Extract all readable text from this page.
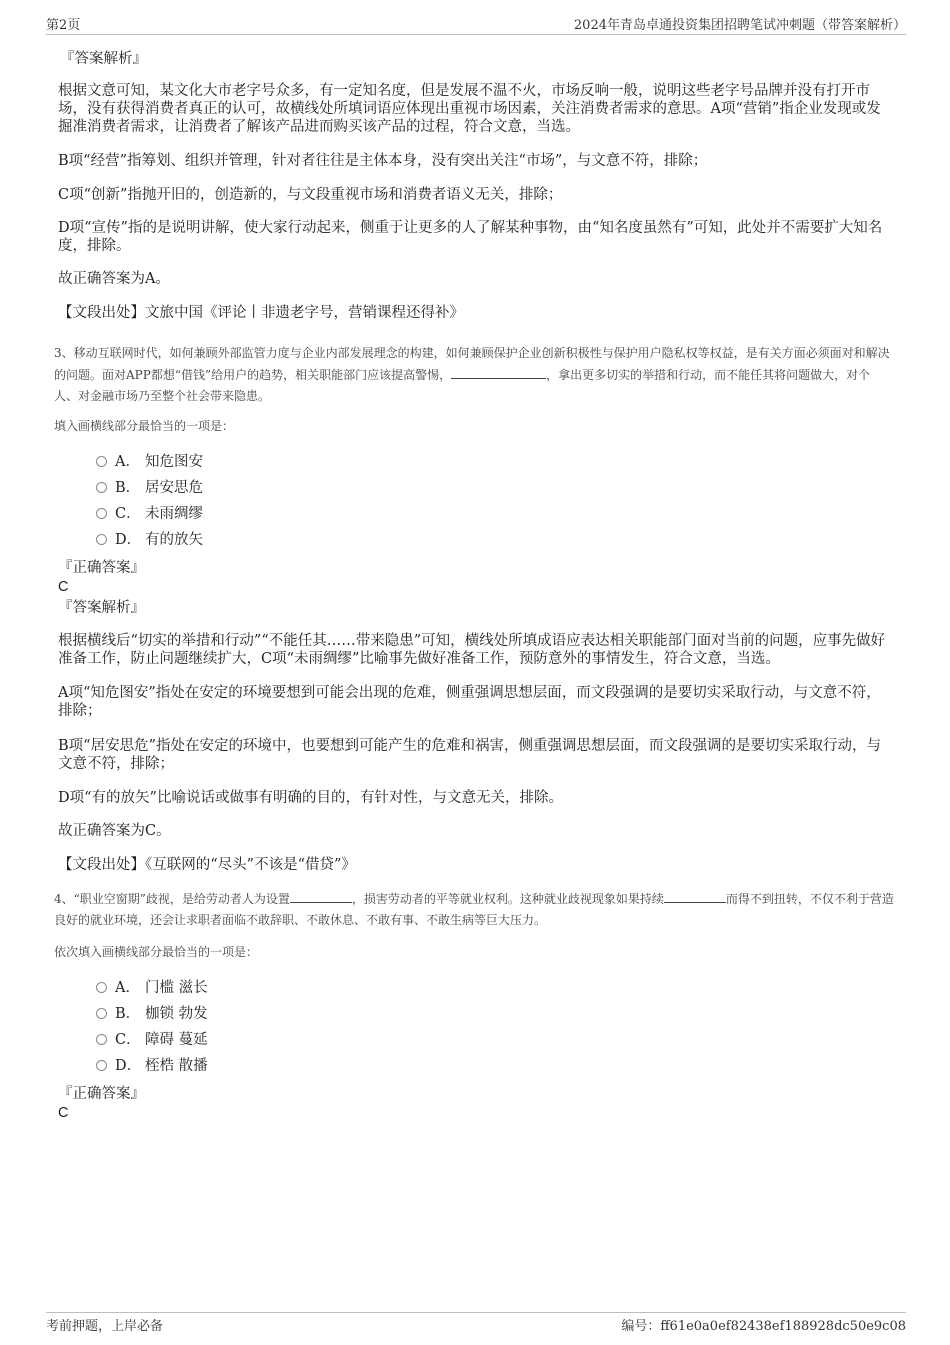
第2页	2024年青岛卓通投资集团招聘笔试冲刺题（带答案解析）

『答案解析』

根据文意可知，某文化大市老字号众多，有一定知名度，但是发展不温不火，市场反响一般，说明这些老字号品牌并没有打开市场，没有获得消费者真正的认可，故横线处所填词语应体现出重视市场因素，关注消费者需求的意思。A项“营销”指企业发现或发掘准消费者需求，让消费者了解该产品进而购买该产品的过程，符合文意，当选。

B项“经营”指筹划、组织并管理，针对者往往是主体本身，没有突出关注“市场”，与文意不符，排除；

C项“创新”指抛开旧的，创造新的，与文段重视市场和消费者语义无关，排除；

D项“宣传”指的是说明讲解，使大家行动起来，侧重于让更多的人了解某种事物，由“知名度虽然有”可知，此处并不需要扩大知名度，排除。

故正确答案为A。

【文段出处】文旅中国《评论丨非遗老字号，营销课程还得补》

3、移动互联网时代，如何兼顾外部监管力度与企业内部发展理念的构建，如何兼顾保护企业创新积极性与保护用户隐私权等权益，是有关方面必须面对和解决的问题。面对APP都想“借钱”给用户的趋势，相关职能部门应该提高警惕，	，拿出更多切实的举措和行动，而不能任其将问题做大，对个人、对金融市场乃至整个社会带来隐患。

填入画横线部分最恰当的一项是：

A． 知危图安
B． 居安思危
C． 未雨绸缪
D． 有的放矢

『正确答案』

C

『答案解析』

根据横线后“切实的举措和行动”“不能任其……带来隐患”可知，横线处所填成语应表达相关职能部门面对当前的问题，应事先做好准备工作，防止问题继续扩大，C项“未雨绸缪”比喻事先做好准备工作，预防意外的事情发生，符合文意，当选。

A项“知危图安”指处在安定的环境要想到可能会出现的危难，侧重强调思想层面，而文段强调的是要切实采取行动，与文意不符，排除；

B项“居安思危”指处在安定的环境中，也要想到可能产生的危难和祸害，侧重强调思想层面，而文段强调的是要切实采取行动，与文意不符，排除；

D项“有的放矢”比喻说话或做事有明确的目的，有针对性，与文意无关，排除。

故正确答案为C。

【文段出处】《互联网的“尽头”不该是“借贷”》

4、“职业空窗期”歧视，是给劳动者人为设置	，损害劳动者的平等就业权利。这种就业歧视现象如果持续	而得不到扭转，不仅不利于营造良好的就业环境，还会让求职者面临不敢辞职、不敢休息、不敢有事、不敢生病等巨大压力。

依次填入画横线部分最恰当的一项是：

A． 门槛 滋长
B． 枷锁 勃发
C． 障碍 蔓延
D． 桎梏 散播

『正确答案』

C

考前押题，上岸必备	编号：ff61e0a0ef82438ef188928dc50e9c08
